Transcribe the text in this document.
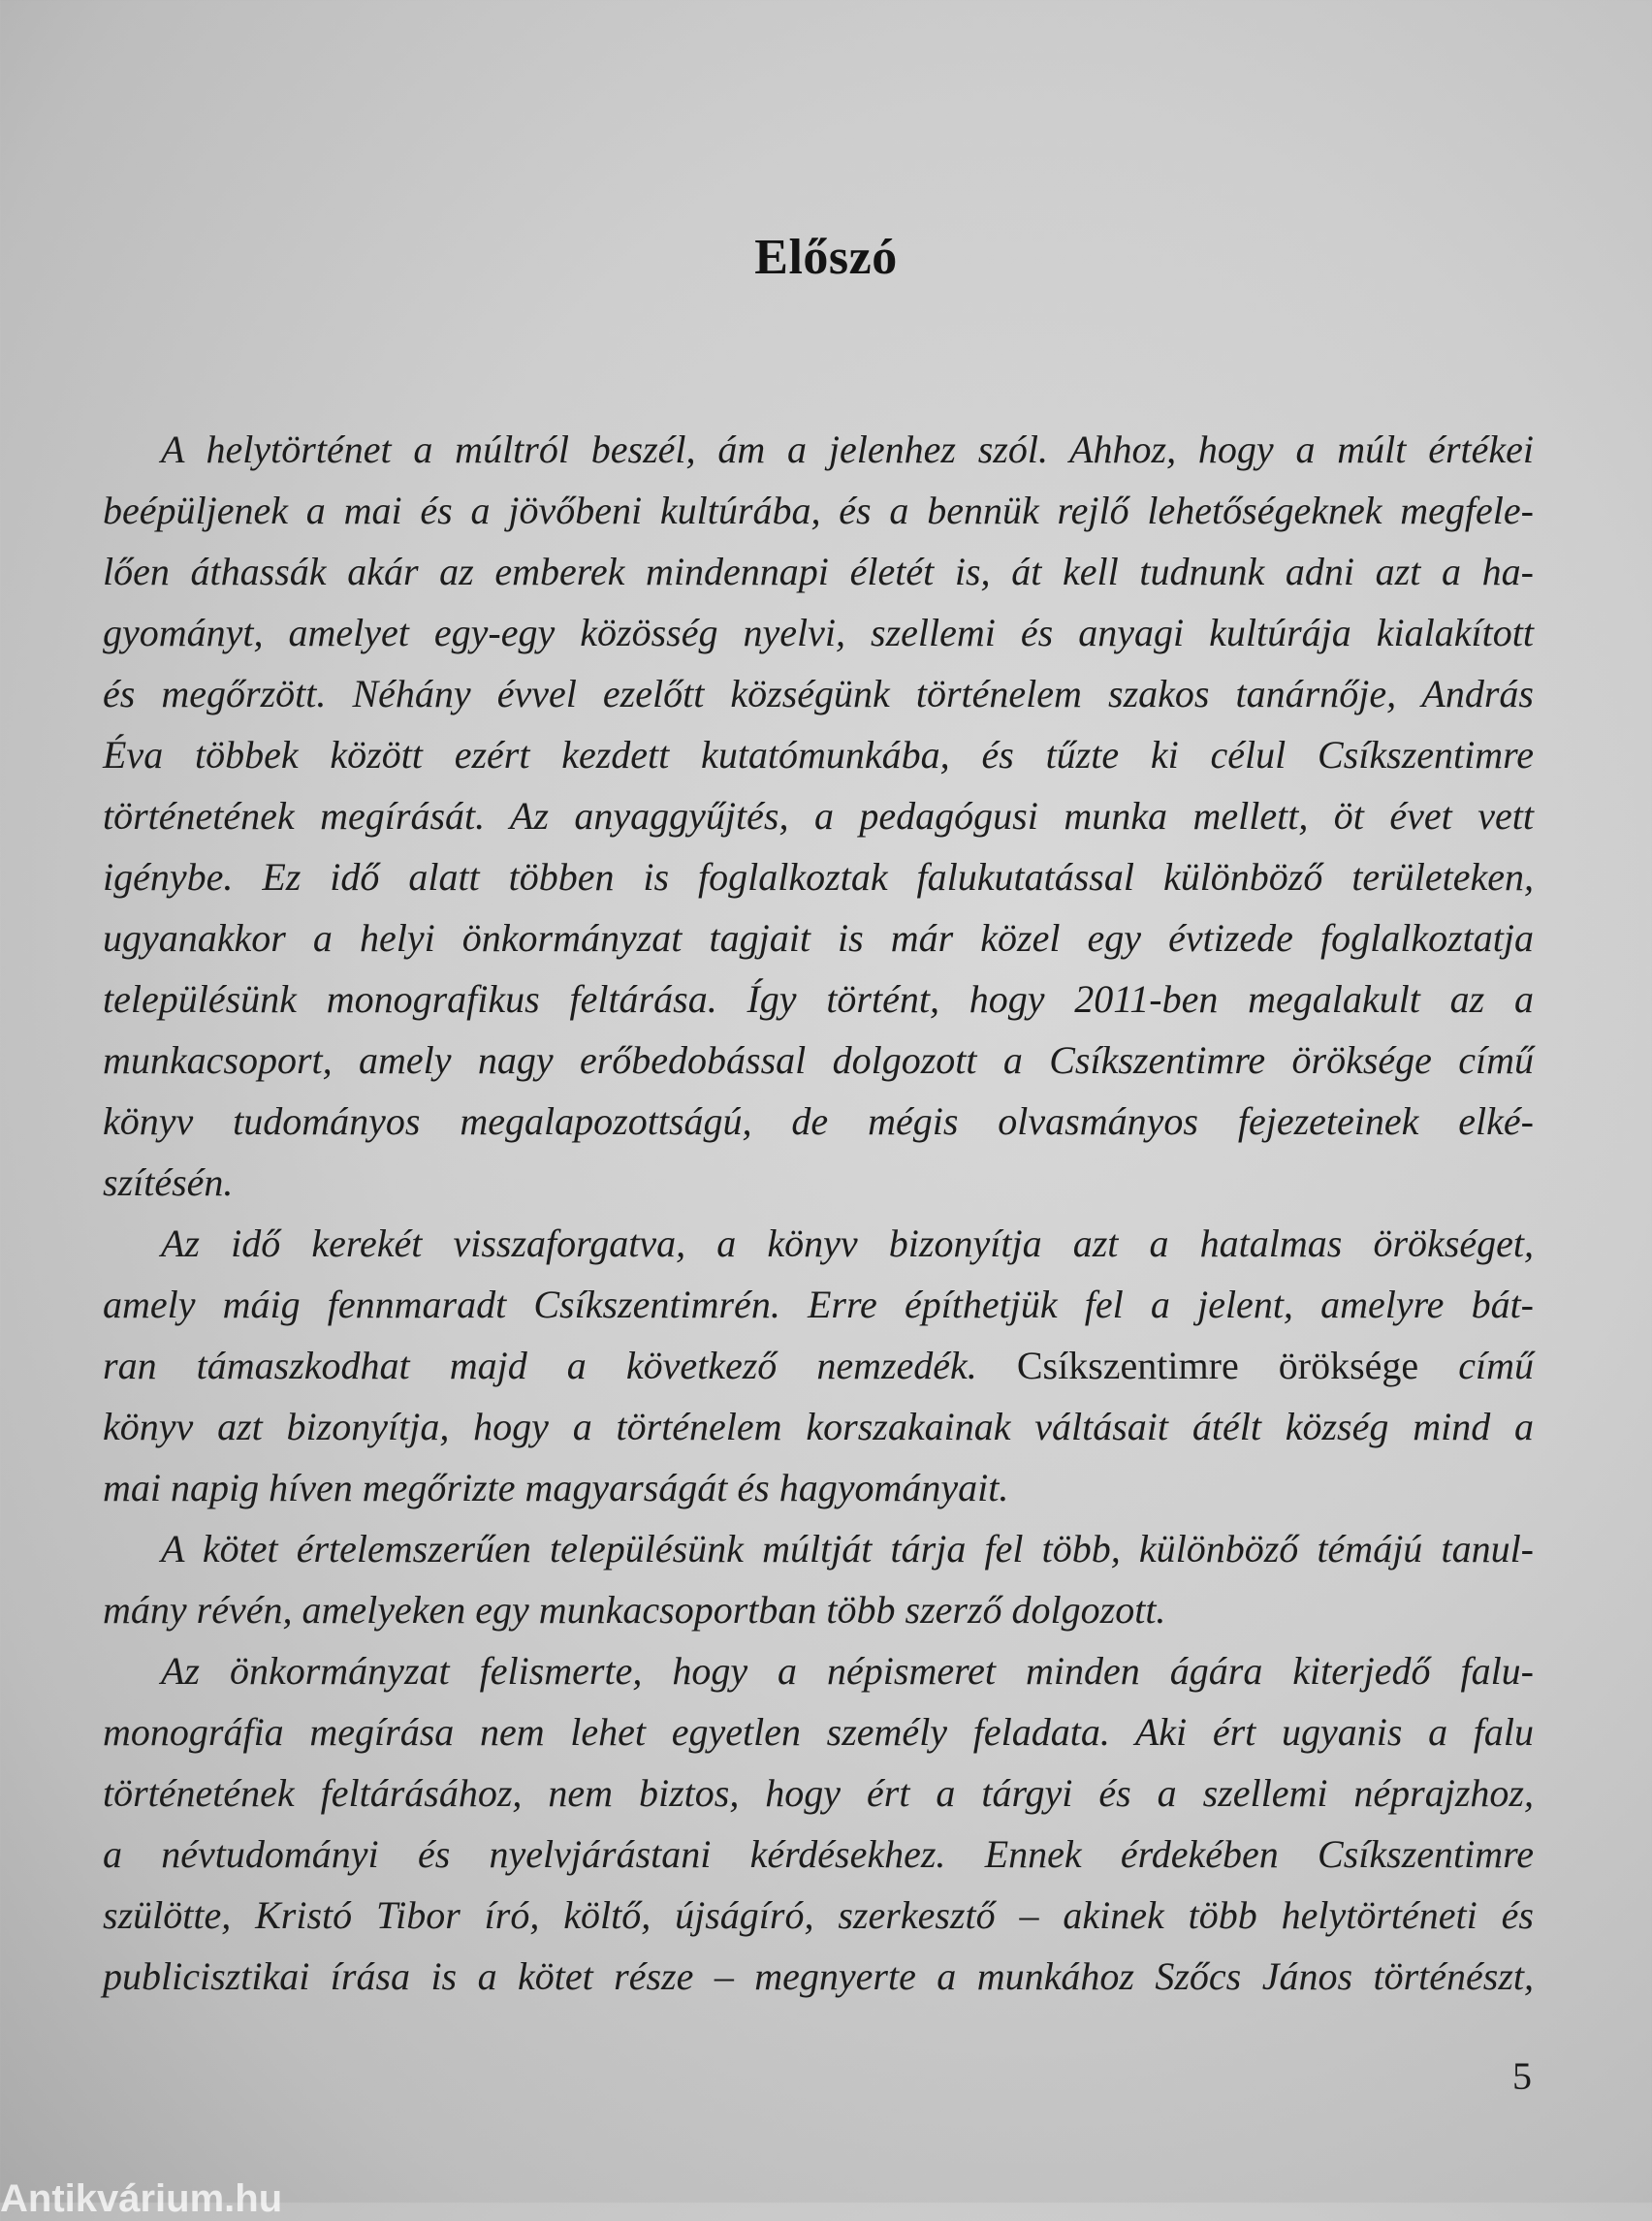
Előszó
A helytörténet a múltról beszél, ám a jelenhez szól. Ahhoz, hogy a múlt értékei
beépüljenek a mai és a jövőbeni kultúrába, és a bennük rejlő lehetőségeknek megfele-
lően áthassák akár az emberek mindennapi életét is, át kell tudnunk adni azt a ha-
gyományt, amelyet egy-egy közösség nyelvi, szellemi és anyagi kultúrája kialakított
és megőrzött. Néhány évvel ezelőtt községünk történelem szakos tanárnője, András
Éva többek között ezért kezdett kutatómunkába, és tűzte ki célul Csíkszentimre
történetének megírását. Az anyaggyűjtés, a pedagógusi munka mellett, öt évet vett
igénybe. Ez idő alatt többen is foglalkoztak falukutatással különböző területeken,
ugyanakkor a helyi önkormányzat tagjait is már közel egy évtizede foglalkoztatja
településünk monografikus feltárása. Így történt, hogy 2011-ben megalakult az a
munkacsoport, amely nagy erőbedobással dolgozott a Csíkszentimre öröksége című
könyv tudományos megalapozottságú, de mégis olvasmányos fejezeteinek elké-
szítésén.
Az idő kerekét visszaforgatva, a könyv bizonyítja azt a hatalmas örökséget,
amely máig fennmaradt Csíkszentimrén. Erre építhetjük fel a jelent, amelyre bát-
ran támaszkodhat majd a következő nemzedék. Csíkszentimre öröksége című
könyv azt bizonyítja, hogy a történelem korszakainak váltásait átélt község mind a
mai napig híven megőrizte magyarságát és hagyományait.
A kötet értelemszerűen településünk múltját tárja fel több, különböző témájú tanul-
mány révén, amelyeken egy munkacsoportban több szerző dolgozott.
Az önkormányzat felismerte, hogy a népismeret minden ágára kiterjedő falu-
monográfia megírása nem lehet egyetlen személy feladata. Aki ért ugyanis a falu
történetének feltárásához, nem biztos, hogy ért a tárgyi és a szellemi néprajzhoz,
a névtudományi és nyelvjárástani kérdésekhez. Ennek érdekében Csíkszentimre
szülötte, Kristó Tibor író, költő, újságíró, szerkesztő – akinek több helytörténeti és
publicisztikai írása is a kötet része – megnyerte a munkához Szőcs János történészt,
5
Antikvárium.hu
